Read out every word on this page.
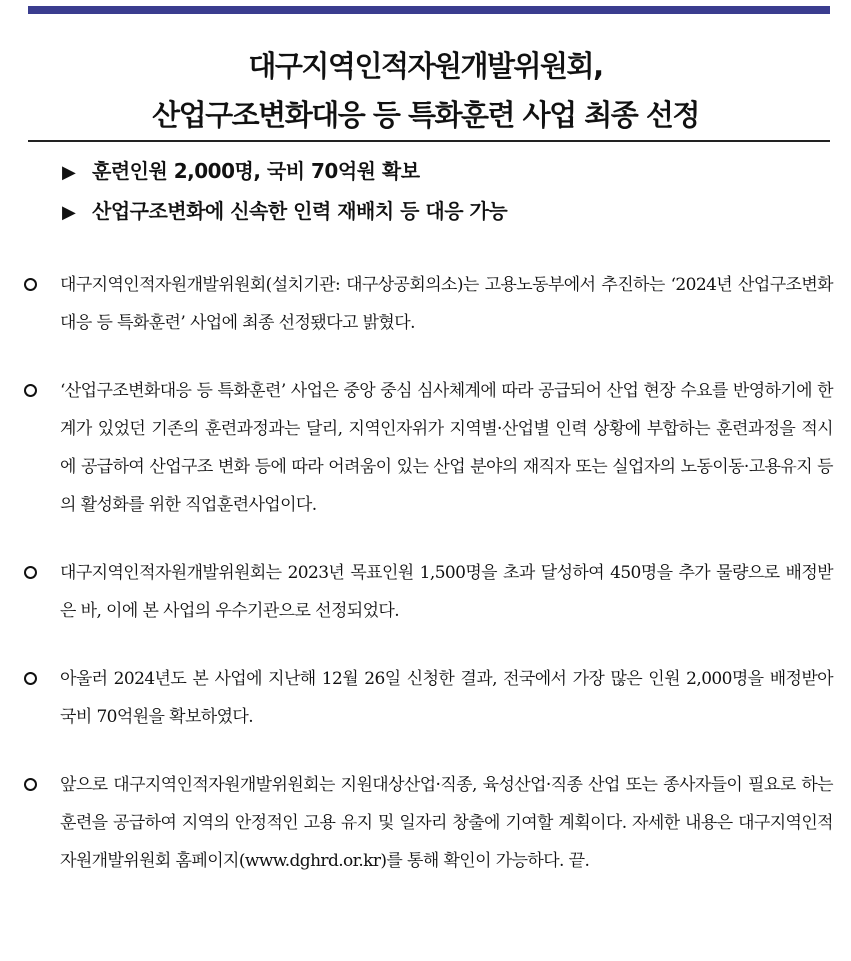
대구지역인적자원개발위원회,
산업구조변화대응 등 특화훈련 사업 최종 선정
▶ 훈련인원 2,000명, 국비 70억원 확보
▶ 산업구조변화에 신속한 인력 재배치 등 대응 가능
대구지역인적자원개발위원회(설치기관: 대구상공회의소)는 고용노동부에서 추진하는 ‘2024년 산업구조변화대응 등 특화훈련’ 사업에 최종 선정됐다고 밝혔다.
‘산업구조변화대응 등 특화훈련’ 사업은 중앙 중심 심사체계에 따라 공급되어 산업 현장 수요를 반영하기에 한계가 있었던 기존의 훈련과정과는 달리, 지역인자위가 지역별·산업별 인력 상황에 부합하는 훈련과정을 적시에 공급하여 산업구조 변화 등에 따라 어려움이 있는 산업 분야의 재직자 또는 실업자의 노동이동·고용유지 등의 활성화를 위한 직업훈련사업이다.
대구지역인적자원개발위원회는 2023년 목표인원 1,500명을 초과 달성하여 450명을 추가 물량으로 배정받은 바, 이에 본 사업의 우수기관으로 선정되었다.
아울러 2024년도 본 사업에 지난해 12월 26일 신청한 결과, 전국에서 가장 많은 인원 2,000명을 배정받아 국비 70억원을 확보하였다.
앞으로 대구지역인적자원개발위원회는 지원대상산업·직종, 육성산업·직종 산업 또는 종사자들이 필요로 하는 훈련을 공급하여 지역의 안정적인 고용 유지 및 일자리 창출에 기여할 계획이다. 자세한 내용은 대구지역인적자원개발위원회 홈페이지(www.dghrd.or.kr)를 통해 확인이 가능하다. 끝.
